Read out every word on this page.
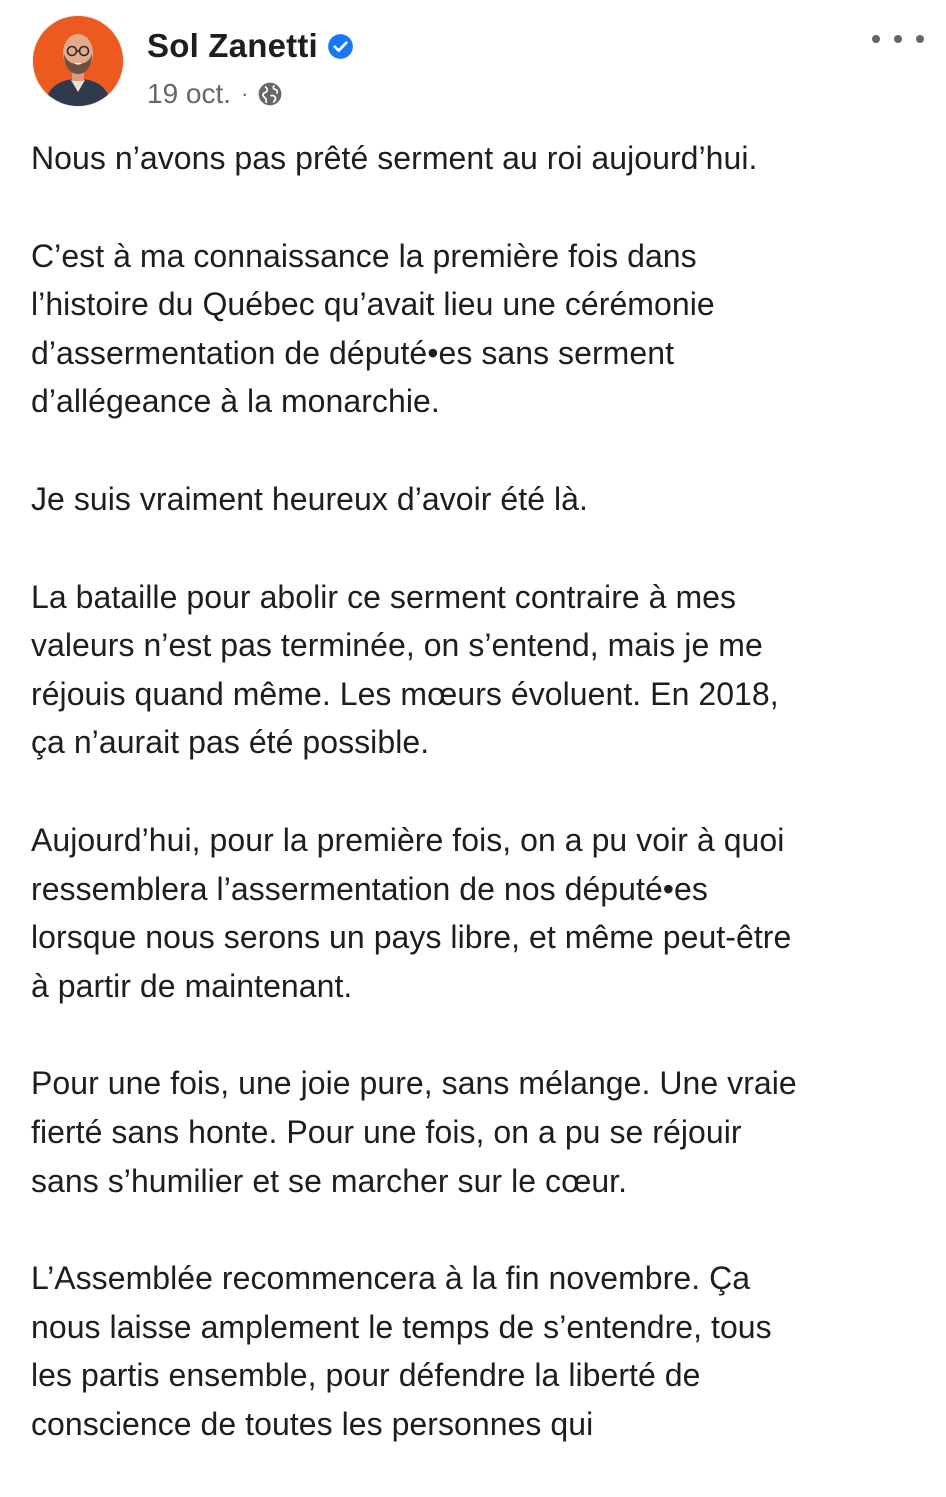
Sol Zanetti
19 oct. ·

Nous n’avons pas prêté serment au roi aujourd’hui.

C’est à ma connaissance la première fois dans
l’histoire du Québec qu’avait lieu une cérémonie
d’assermentation de député•es sans serment
d’allégeance à la monarchie.

Je suis vraiment heureux d’avoir été là.

La bataille pour abolir ce serment contraire à mes
valeurs n’est pas terminée, on s’entend, mais je me
réjouis quand même. Les mœurs évoluent. En 2018,
ça n’aurait pas été possible.

Aujourd’hui, pour la première fois, on a pu voir à quoi
ressemblera l’assermentation de nos député•es
lorsque nous serons un pays libre, et même peut-être
à partir de maintenant.

Pour une fois, une joie pure, sans mélange. Une vraie
fierté sans honte. Pour une fois, on a pu se réjouir
sans s’humilier et se marcher sur le cœur.

L’Assemblée recommencera à la fin novembre. Ça
nous laisse amplement le temps de s’entendre, tous
les partis ensemble, pour défendre la liberté de
conscience de toutes les personnes qui
